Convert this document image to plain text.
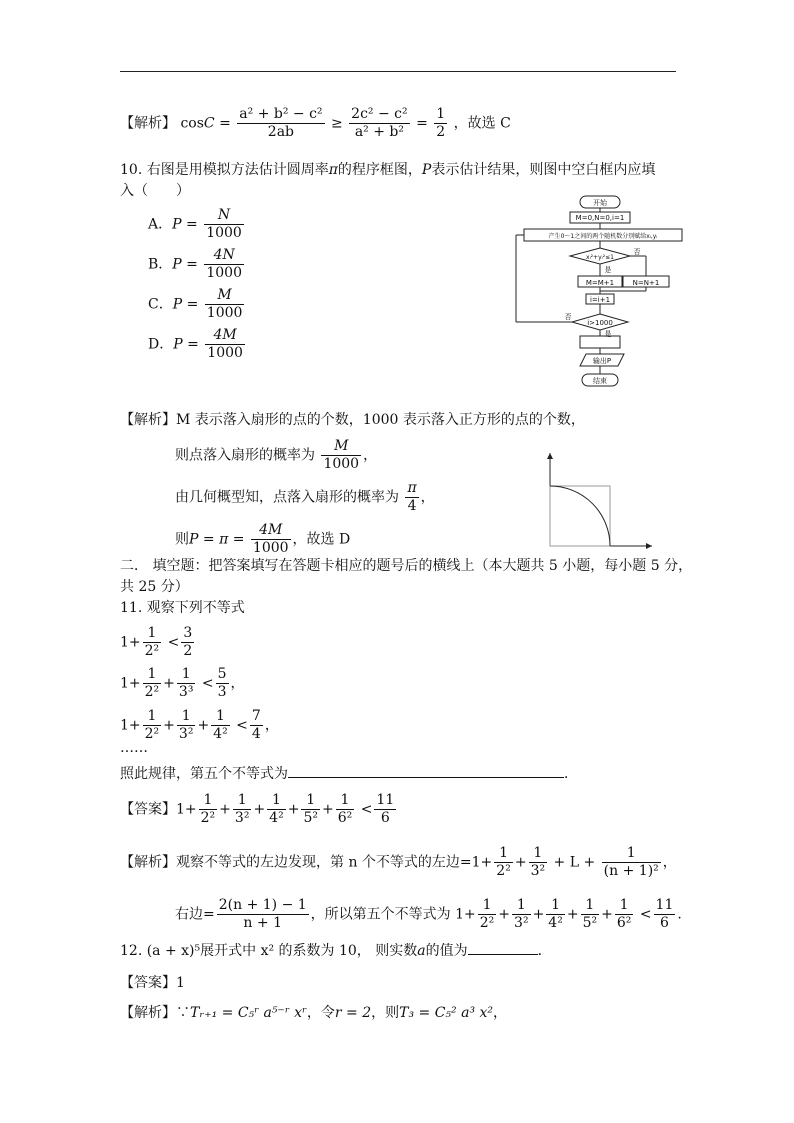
【解析】 $\cos C = \frac{\text{a² + b² − c²}}{2ab} \ge \frac{\text{2c² − c²}}{\text{a² + b²}} = \frac{1}{2}$ ，故选 C
10. 右图是用模拟方法估计圆周率π的程序框图，P表示估计结果，则图中空白框内应填
入（　　）
A．$P = \frac{N}{1000}$
B．$P = \frac{4N}{1000}$
C．$P = \frac{M}{1000}$
D．$P = \frac{4M}{1000}$
开始
M=0,N=0,i=1
产生0～1之间的两个随机数分别赋给xᵢ,yᵢ
xᵢ²+yᵢ²≤1
否
是
M=M+1	N=N+1
i=i+1
i>1000
否
是
输出P
结束
【解析】M 表示落入扇形的点的个数，1000 表示落入正方形的点的个数，
则点落入扇形的概率为 $\frac{M}{1000}$ ，
由几何概型知，点落入扇形的概率为 $\frac{\pi}{4}$ ，
则$P = \pi = \frac{4M}{1000}$ ，故选 D
二． 填空题：把答案填写在答题卡相应的题号后的横线上（本大题共 5 小题，每小题 5 分，
共 25 分）
11. 观察下列不等式
$1+ \frac{1}{\text{2²}} < \frac{3}{2}$
$1+ \frac{1}{\text{2²}} + \frac{1}{\text{3³}} < \frac{5}{3}$ ，
$1+ \frac{1}{\text{2²}} + \frac{1}{\text{3²}} + \frac{1}{\text{4²}} < \frac{7}{4}$ ，
……
照此规律，第五个不等式为	．
【答案】$1+ \frac{1}{\text{2²}} + \frac{1}{\text{3²}} + \frac{1}{\text{4²}} + \frac{1}{\text{5²}} + \frac{1}{\text{6²}} < \frac{11}{6}$
【解析】观察不等式的左边发现，第 n 个不等式的左边$=1+ \frac{1}{\text{2²}} + \frac{1}{\text{3²}} + L + \frac{1}{\text{(n + 1)²}}$ ，
右边= $\frac{2(n + 1) - 1}{n + 1}$ ，所以第五个不等式为 $1+ \frac{1}{\text{2²}} + \frac{1}{\text{3²}} + \frac{1}{\text{4²}} + \frac{1}{\text{5²}} + \frac{1}{\text{6²}} < \frac{11}{6}$ .
12. (a + x)⁵展开式中 x² 的系数为 10， 则实数a的值为	．
【答案】1
【解析】∵Tᵣ₊₁ = C₅ʳ a⁵⁻ʳ xʳ，令r = 2，则T₃ = C₅² a³ x²，
